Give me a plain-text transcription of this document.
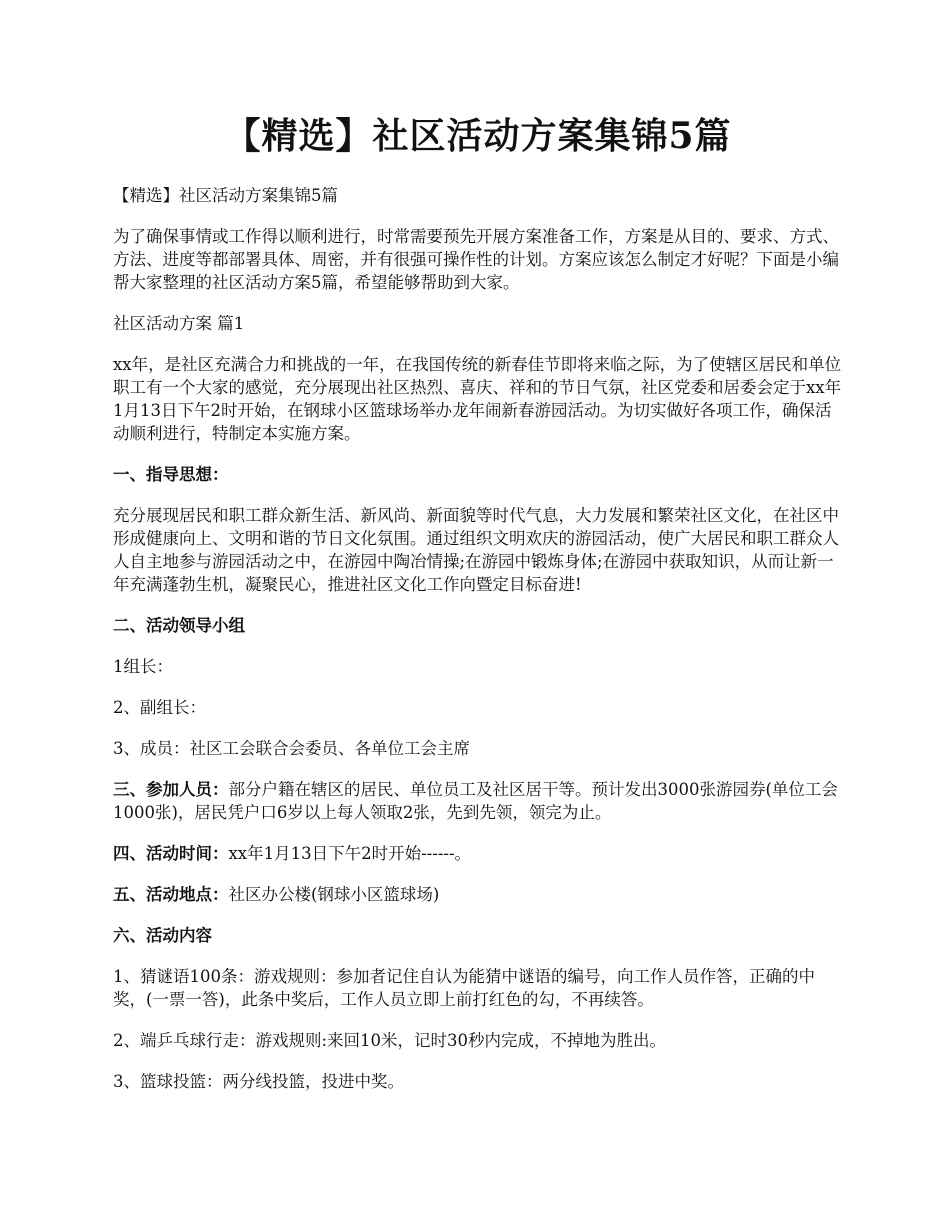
【精选】社区活动方案集锦5篇

【精选】社区活动方案集锦5篇

为了确保事情或工作得以顺利进行，时常需要预先开展方案准备工作，方案是从目的、要求、方式、方法、进度等都部署具体、周密，并有很强可操作性的计划。方案应该怎么制定才好呢？下面是小编帮大家整理的社区活动方案5篇，希望能够帮助到大家。

社区活动方案 篇1

xx年，是社区充满合力和挑战的一年，在我国传统的新春佳节即将来临之际，为了使辖区居民和单位职工有一个大家的感觉，充分展现出社区热烈、喜庆、祥和的节日气氛，社区党委和居委会定于xx年1月13日下午2时开始，在钢球小区篮球场举办龙年闹新春游园活动。为切实做好各项工作，确保活动顺利进行，特制定本实施方案。

一、指导思想：

充分展现居民和职工群众新生活、新风尚、新面貌等时代气息，大力发展和繁荣社区文化，在社区中形成健康向上、文明和谐的节日文化氛围。通过组织文明欢庆的游园活动，使广大居民和职工群众人人自主地参与游园活动之中，在游园中陶冶情操;在游园中锻炼身体;在游园中获取知识，从而让新一年充满蓬勃生机，凝聚民心，推进社区文化工作向暨定目标奋进!

二、活动领导小组

1组长：

2、副组长：

3、成员：社区工会联合会委员、各单位工会主席

三、参加人员：部分户籍在辖区的居民、单位员工及社区居干等。预计发出3000张游园券(单位工会1000张)，居民凭户口6岁以上每人领取2张，先到先领，领完为止。

四、活动时间：xx年1月13日下午2时开始------。

五、活动地点：社区办公楼(钢球小区篮球场)

六、活动内容

1、猜谜语100条：游戏规则：参加者记住自认为能猜中谜语的编号，向工作人员作答，正确的中奖，(一票一答)，此条中奖后，工作人员立即上前打红色的勾，不再续答。

2、端乒乓球行走：游戏规则:来回10米，记时30秒内完成，不掉地为胜出。

3、篮球投篮：两分线投篮，投进中奖。
